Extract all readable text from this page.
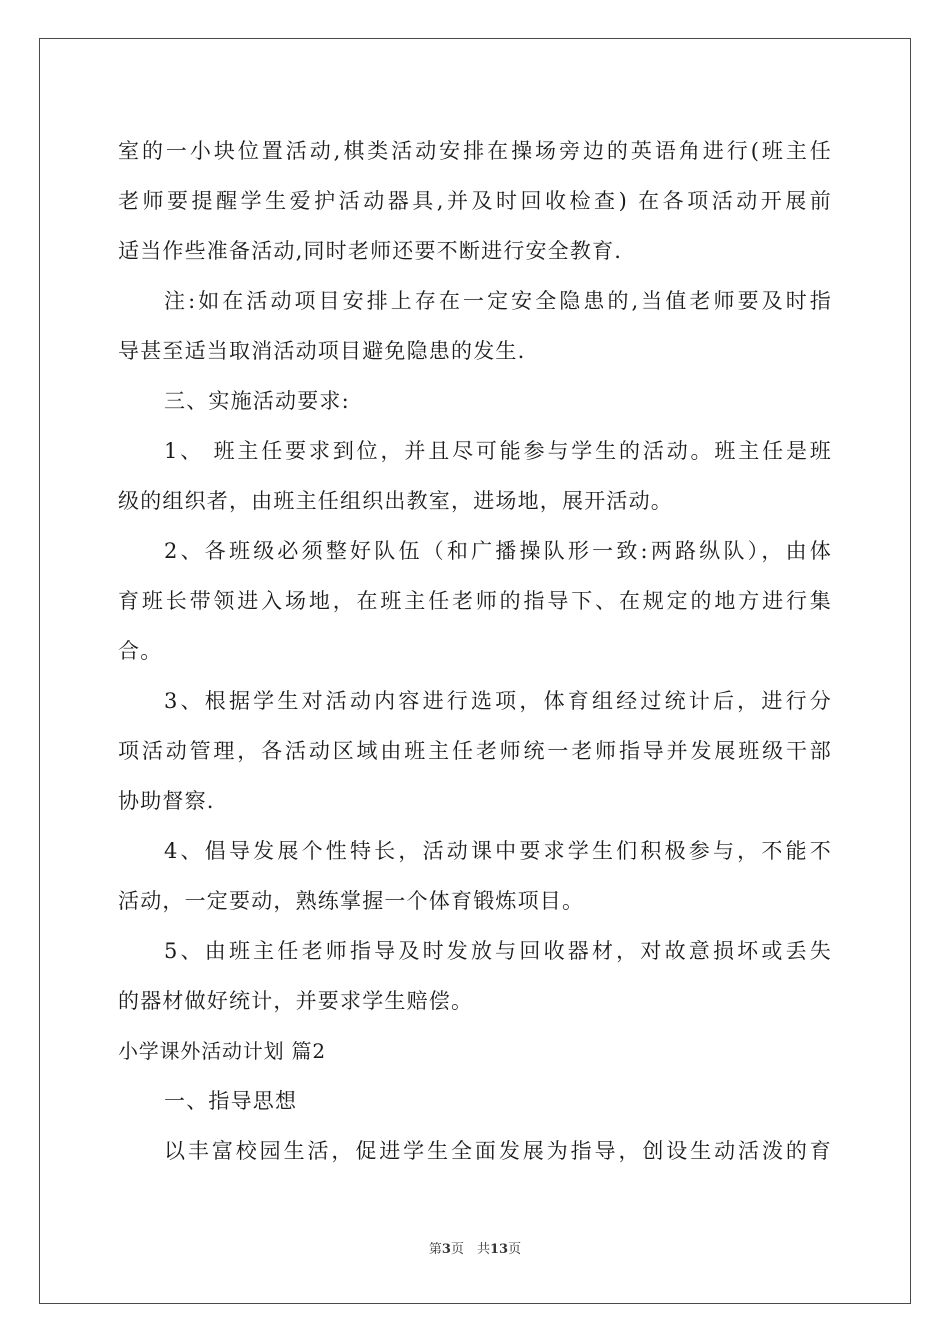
室的一小块位置活动,棋类活动安排在操场旁边的英语角进行(班主任
老师要提醒学生爱护活动器具,并及时回收检查) 在各项活动开展前
适当作些准备活动,同时老师还要不断进行安全教育.
注:如在活动项目安排上存在一定安全隐患的,当值老师要及时指
导甚至适当取消活动项目避免隐患的发生.
三、实施活动要求:
1、 班主任要求到位，并且尽可能参与学生的活动。班主任是班
级的组织者，由班主任组织出教室，进场地，展开活动。
2、各班级必须整好队伍（和广播操队形一致:两路纵队），由体
育班长带领进入场地，在班主任老师的指导下、在规定的地方进行集
合。
3、根据学生对活动内容进行选项，体育组经过统计后，进行分
项活动管理，各活动区域由班主任老师统一老师指导并发展班级干部
协助督察.
4、倡导发展个性特长，活动课中要求学生们积极参与，不能不
活动，一定要动，熟练掌握一个体育锻炼项目。
5、由班主任老师指导及时发放与回收器材，对故意损坏或丢失
的器材做好统计，并要求学生赔偿。
小学课外活动计划 篇2
一、指导思想
以丰富校园生活，促进学生全面发展为指导，创设生动活泼的育
第3页　共13页
